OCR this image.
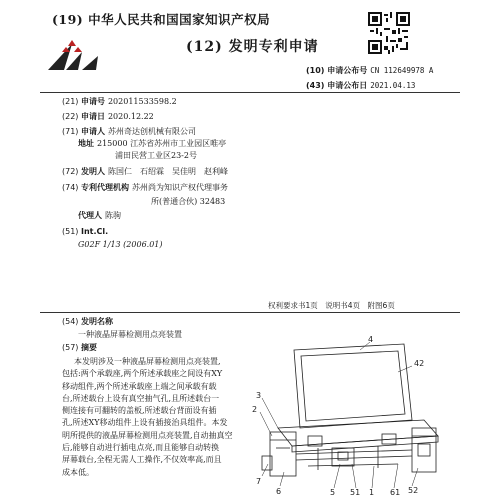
(19) 中华人民共和国国家知识产权局
(12) 发明专利申请
(10) 申请公布号 CN 112649978 A
(43) 申请公布日 2021.04.13
(21) 申请号 202011533598.2
(22) 申请日 2020.12.22
(71) 申请人 苏州奇达创机械有限公司
地址 215000 江苏省苏州市工业园区唯亭
浦田民营工业区23-2号
(72) 发明人 陈国仁　石绍霖　吴佳明　赵利峰
(74) 专利代理机构 苏州尚为知识产权代理事务
所(普通合伙) 32483
代理人 陈驹
(51) Int.Cl.
G02F 1/13 (2006.01)
权利要求书1页　说明书4页　附图6页
(54) 发明名称
一种液晶屏幕检测用点亮装置
(57) 摘要

本发明涉及一种液晶屏幕检测用点亮装置,

包括:两个承载座,两个所述承载座之间设有XY

移动组件,两个所述承载座上端之间承载有载

台,所述载台上设有真空抽气孔,且所述载台一

侧连接有可翻转的盖板,所述载台背面设有插

孔,所述XY移动组件上设有插接治具组件。本发

明所提供的液晶屏幕检测用点亮装置,自动抽真空

后,能够自动进行插电点亮,而且能够自动转换

屏幕载台,全程无需人工操作,不仅效率高,而且

成本低。

4
42
3
2
7
6	5 51 1 61 52
